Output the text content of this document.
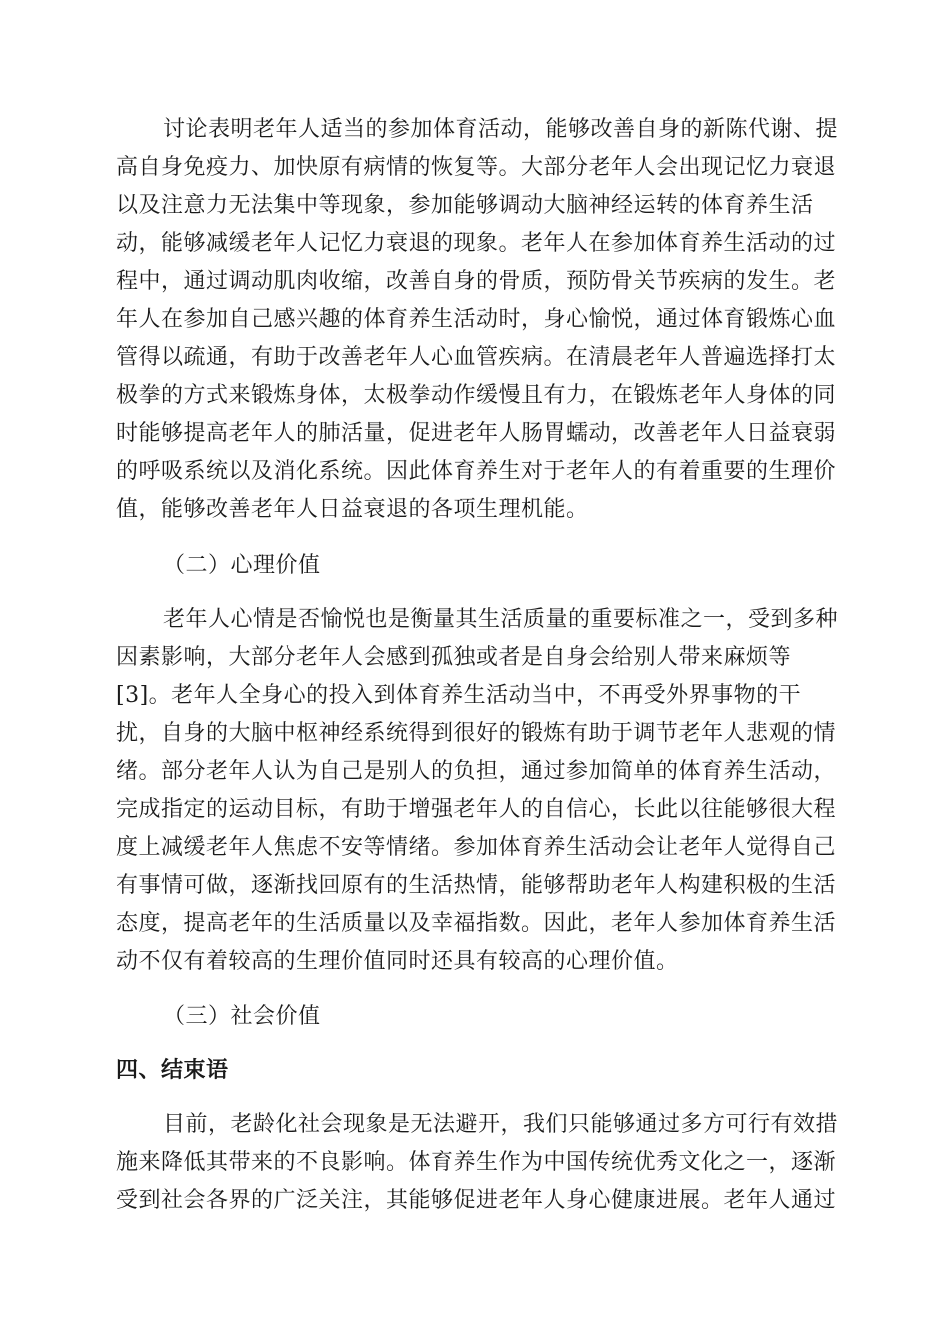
讨论表明老年人适当的参加体育活动，能够改善自身的新陈代谢、提
高自身免疫力、加快原有病情的恢复等。大部分老年人会出现记忆力衰退
以及注意力无法集中等现象，参加能够调动大脑神经运转的体育养生活
动，能够减缓老年人记忆力衰退的现象。老年人在参加体育养生活动的过
程中，通过调动肌肉收缩，改善自身的骨质，预防骨关节疾病的发生。老
年人在参加自己感兴趣的体育养生活动时，身心愉悦，通过体育锻炼心血
管得以疏通，有助于改善老年人心血管疾病。在清晨老年人普遍选择打太
极拳的方式来锻炼身体，太极拳动作缓慢且有力，在锻炼老年人身体的同
时能够提高老年人的肺活量，促进老年人肠胃蠕动，改善老年人日益衰弱
的呼吸系统以及消化系统。因此体育养生对于老年人的有着重要的生理价
值，能够改善老年人日益衰退的各项生理机能。
（二）心理价值
老年人心情是否愉悦也是衡量其生活质量的重要标准之一，受到多种
因素影响，大部分老年人会感到孤独或者是自身会给别人带来麻烦等
[3]。老年人全身心的投入到体育养生活动当中，不再受外界事物的干
扰，自身的大脑中枢神经系统得到很好的锻炼有助于调节老年人悲观的情
绪。部分老年人认为自己是别人的负担，通过参加简单的体育养生活动，
完成指定的运动目标，有助于增强老年人的自信心，长此以往能够很大程
度上减缓老年人焦虑不安等情绪。参加体育养生活动会让老年人觉得自己
有事情可做，逐渐找回原有的生活热情，能够帮助老年人构建积极的生活
态度，提高老年的生活质量以及幸福指数。因此，老年人参加体育养生活
动不仅有着较高的生理价值同时还具有较高的心理价值。
（三）社会价值
四、结束语
目前，老龄化社会现象是无法避开，我们只能够通过多方可行有效措
施来降低其带来的不良影响。体育养生作为中国传统优秀文化之一，逐渐
受到社会各界的广泛关注，其能够促进老年人身心健康进展。老年人通过
